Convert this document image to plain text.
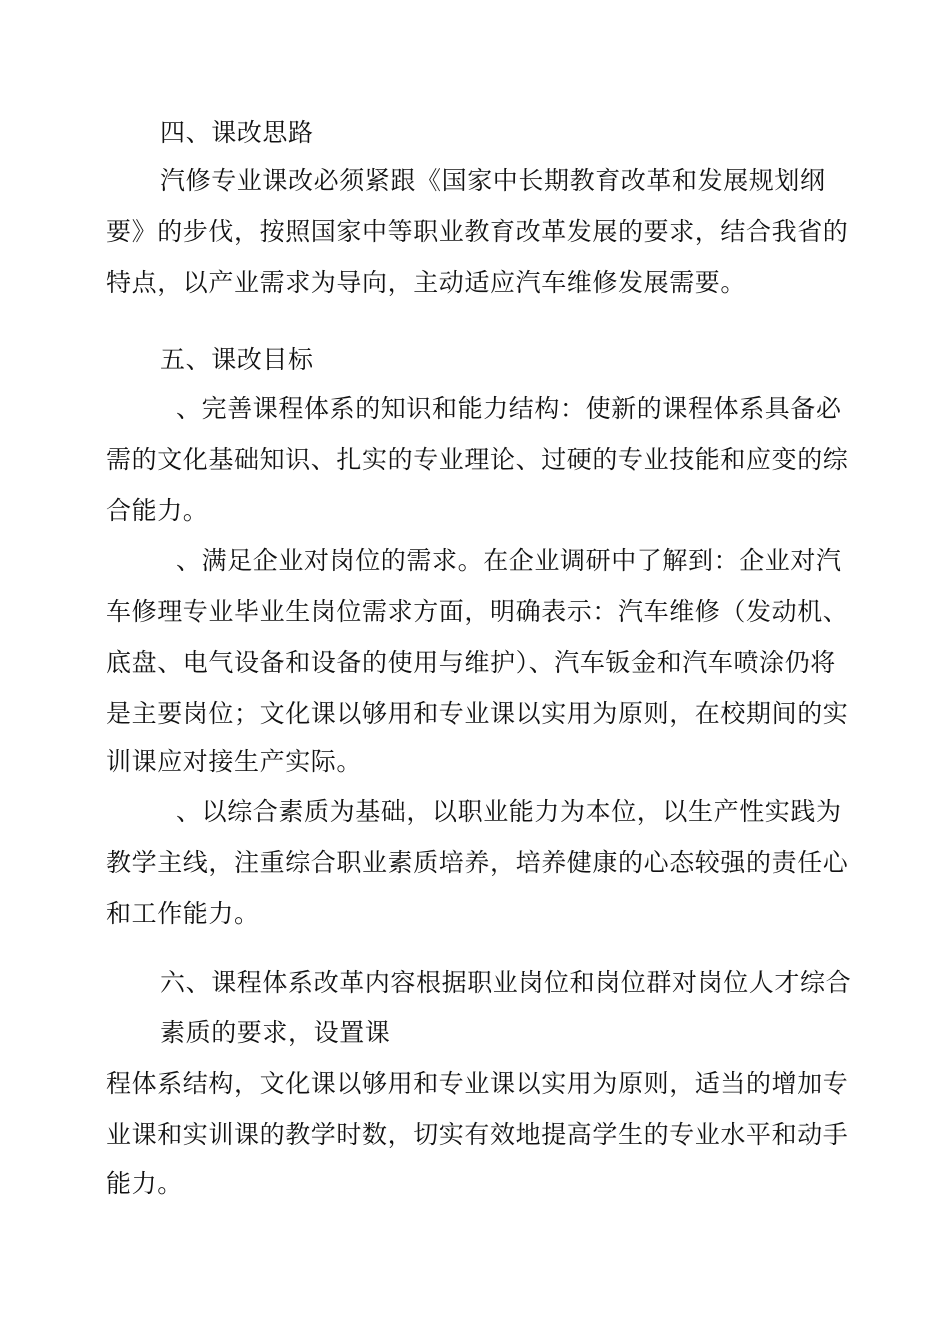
四、课改思路
汽修专业课改必须紧跟《国家中长期教育改革和发展规划纲
要》的步伐，按照国家中等职业教育改革发展的要求，结合我省的
特点，以产业需求为导向，主动适应汽车维修发展需要。
五、课改目标
、完善课程体系的知识和能力结构：使新的课程体系具备必
需的文化基础知识、扎实的专业理论、过硬的专业技能和应变的综
合能力。
、满足企业对岗位的需求。在企业调研中了解到：企业对汽
车修理专业毕业生岗位需求方面，明确表示：汽车维修（发动机、
底盘、电气设备和设备的使用与维护）、汽车钣金和汽车喷涂仍将
是主要岗位；文化课以够用和专业课以实用为原则，在校期间的实
训课应对接生产实际。
、以综合素质为基础，以职业能力为本位，以生产性实践为
教学主线，注重综合职业素质培养，培养健康的心态较强的责任心
和工作能力。
六、课程体系改革内容根据职业岗位和岗位群对岗位人才综合
素质的要求，设置课
程体系结构，文化课以够用和专业课以实用为原则，适当的增加专
业课和实训课的教学时数，切实有效地提高学生的专业水平和动手
能力。
